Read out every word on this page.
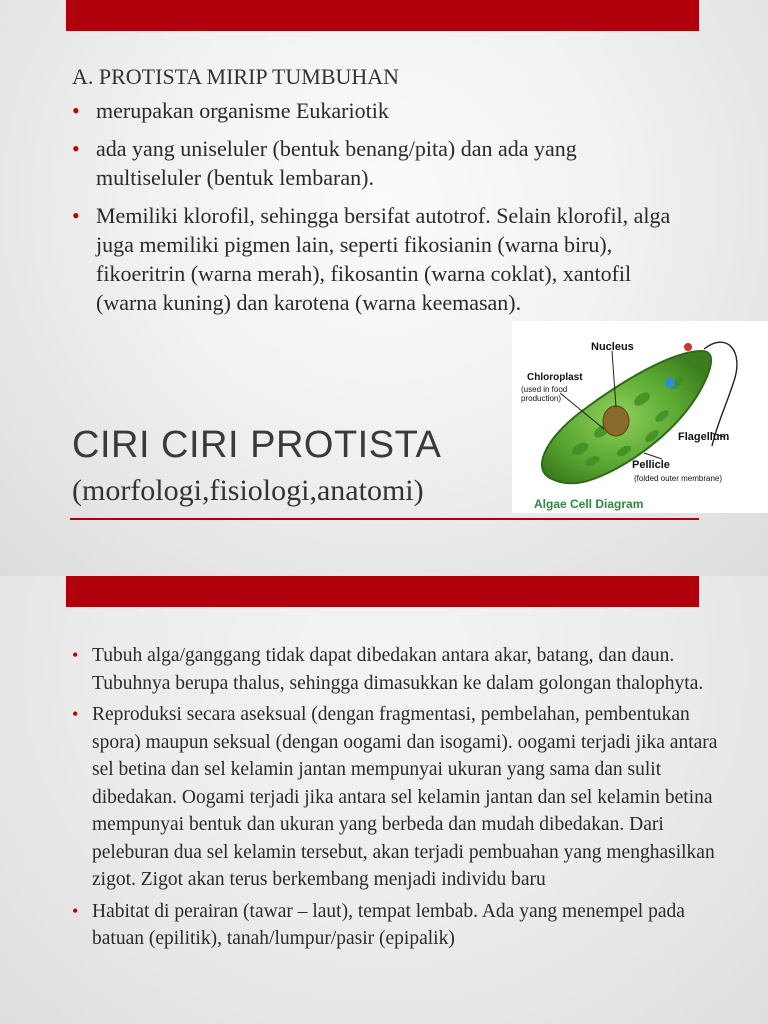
A. PROTISTA MIRIP TUMBUHAN
• merupakan organisme Eukariotik
• ada yang uniseluler (bentuk benang/pita) dan ada yang multiseluler (bentuk lembaran).
• Memiliki klorofil, sehingga bersifat autotrof. Selain klorofil, alga juga memiliki pigmen lain, seperti fikosianin (warna biru), fikoeritrin (warna merah), fikosantin (warna coklat), xantofil (warna kuning) dan karotena (warna keemasan).
CIRI CIRI PROTISTA
(morfologi,fisiologi,anatomi)
Nucleus
Chloroplast
(used in food production)
Flagellum
Pellicle
(folded outer membrane)
Algae Cell Diagram
• Tubuh alga/ganggang tidak dapat dibedakan antara akar, batang, dan daun. Tubuhnya berupa thalus, sehingga dimasukkan ke dalam golongan thalophyta.
• Reproduksi secara aseksual (dengan fragmentasi, pembelahan, pembentukan spora) maupun seksual (dengan oogami dan isogami). oogami terjadi jika antara sel betina dan sel kelamin jantan mempunyai ukuran yang sama dan sulit dibedakan. Oogami terjadi jika antara sel kelamin jantan dan sel kelamin betina mempunyai bentuk dan ukuran yang berbeda dan mudah dibedakan. Dari peleburan dua sel kelamin tersebut, akan terjadi pembuahan yang menghasilkan zigot. Zigot akan terus berkembang menjadi individu baru
• Habitat di perairan (tawar – laut), tempat lembab. Ada yang menempel pada batuan (epilitik), tanah/lumpur/pasir (epipalik)
